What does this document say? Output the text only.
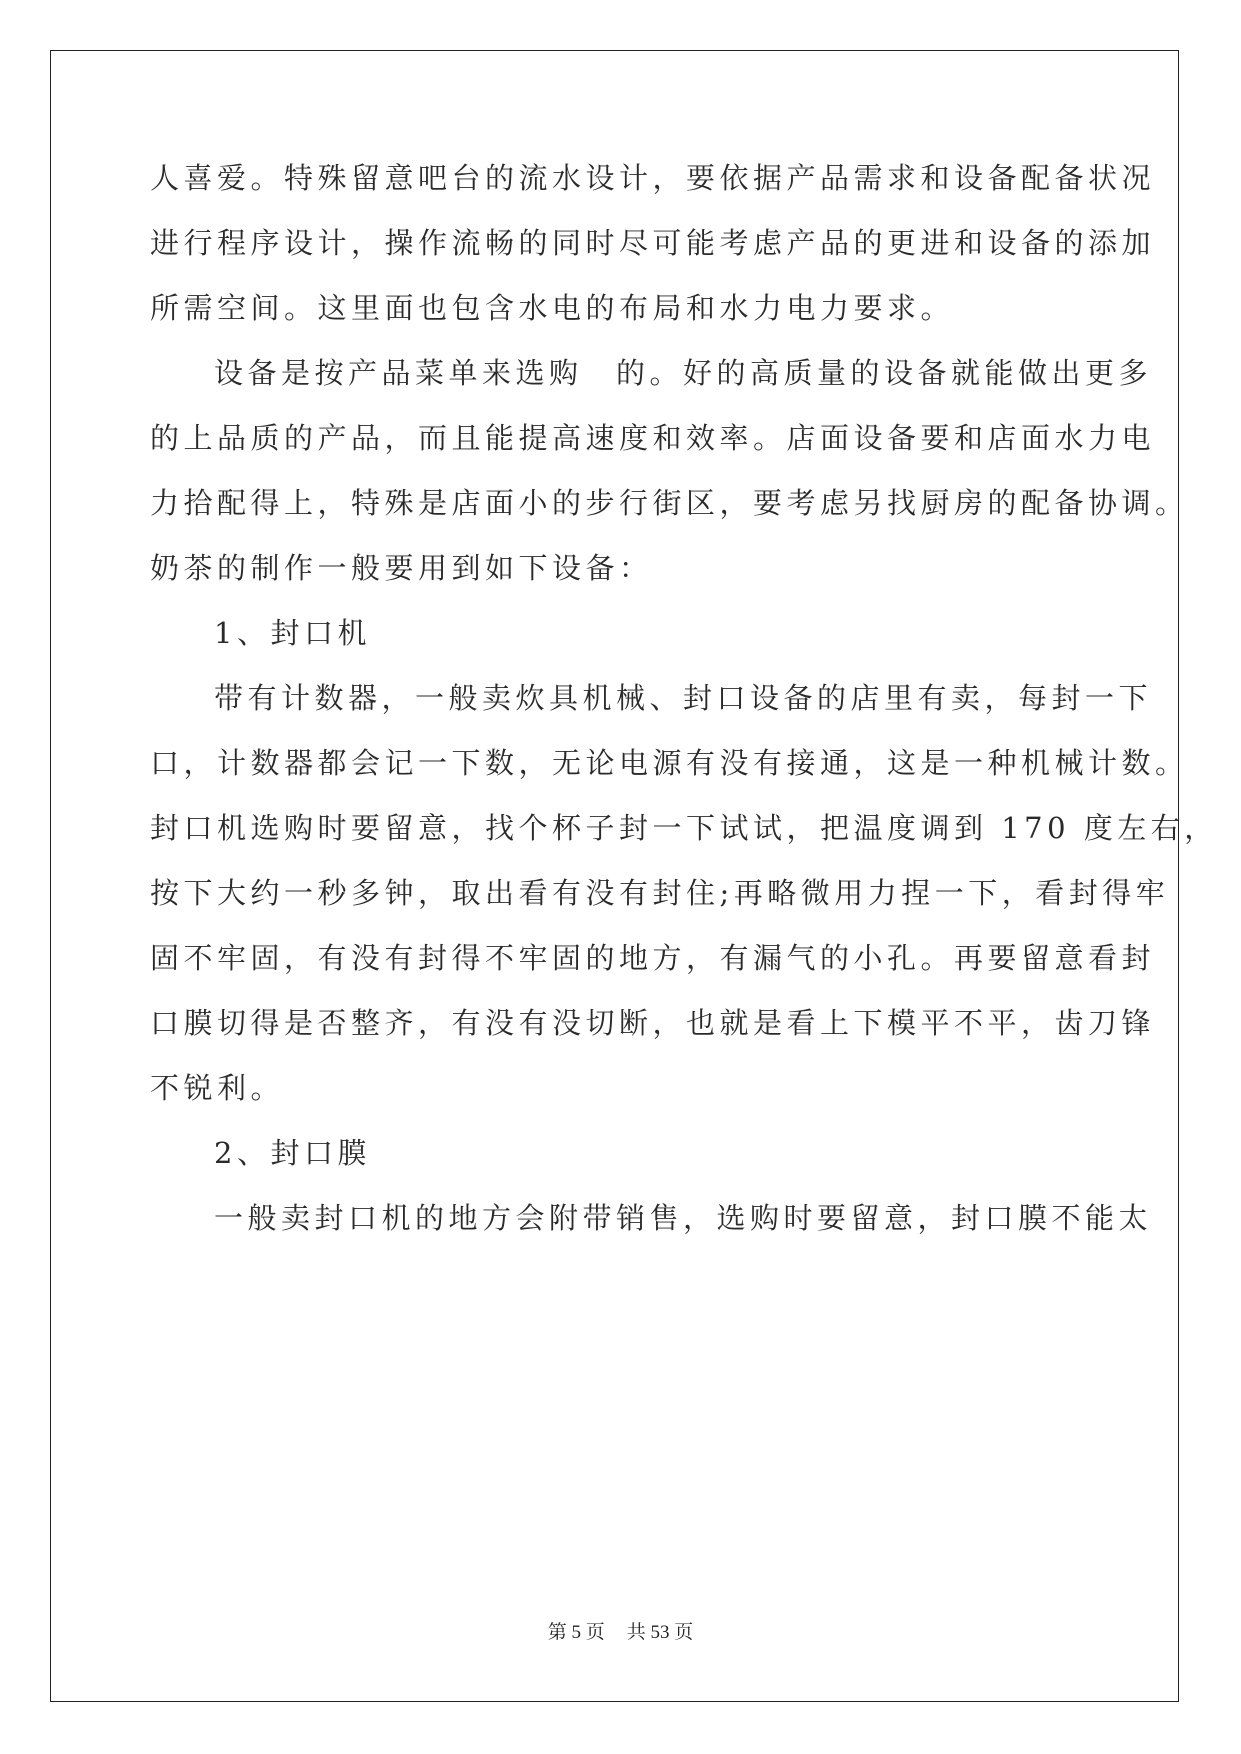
人喜爱。特殊留意吧台的流水设计，要依据产品需求和设备配备状况
进行程序设计，操作流畅的同时尽可能考虑产品的更进和设备的添加
所需空间。这里面也包含水电的布局和水力电力要求。
设备是按产品菜单来选购　的。好的高质量的设备就能做出更多
的上品质的产品，而且能提高速度和效率。店面设备要和店面水力电
力拾配得上，特殊是店面小的步行街区，要考虑另找厨房的配备协调。
奶茶的制作一般要用到如下设备：
1、封口机
带有计数器，一般卖炊具机械、封口设备的店里有卖，每封一下
口，计数器都会记一下数，无论电源有没有接通，这是一种机械计数。
封口机选购时要留意，找个杯子封一下试试，把温度调到 170 度左右，
按下大约一秒多钟，取出看有没有封住;再略微用力捏一下，看封得牢
固不牢固，有没有封得不牢固的地方，有漏气的小孔。再要留意看封
口膜切得是否整齐，有没有没切断，也就是看上下模平不平，齿刀锋
不锐利。
2、封口膜
一般卖封口机的地方会附带销售，选购时要留意，封口膜不能太
第 5 页 共 53 页
